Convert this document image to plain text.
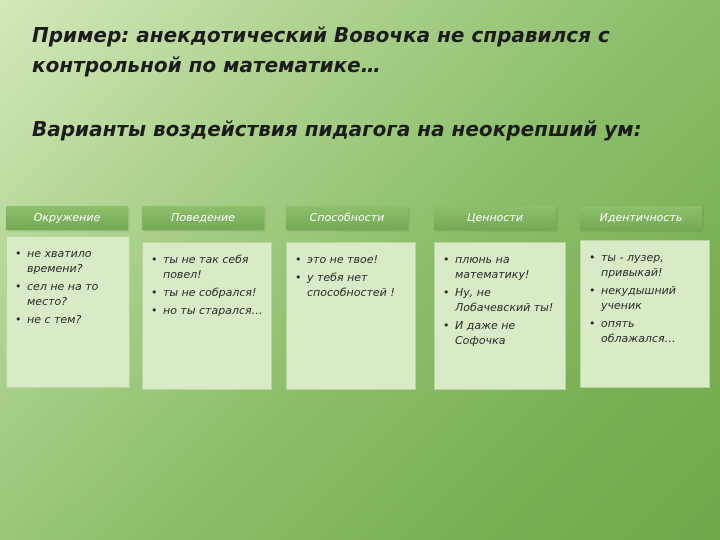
Пример: анекдотический Вовочка не справился с контрольной по математике…
Варианты воздействия пидагога на неокрепший ум:
Окружение
• не хватило времени?
• сел не на то место?
• не с тем?
Поведение
• ты не так себя повел!
• ты не собрался!
• но ты старался…
Способности
• это не твое!
• у тебя нет способностей !
Ценности
• плюнь на математику!
• Ну, не Лобачевский ты!
• И даже не Софочка
Идентичность
• ты - лузер, привыкай!
• некудышний ученик
• опять облажался…
